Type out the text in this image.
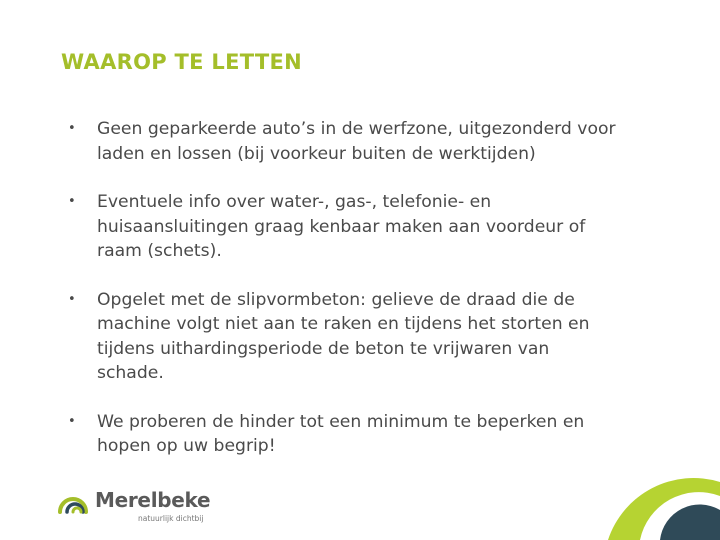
WAAROP TE LETTEN
• Geen geparkeerde auto’s in de werfzone, uitgezonderd voor
laden en lossen (bij voorkeur buiten de werktijden)
• Eventuele info over water-, gas-, telefonie- en
huisaansluitingen graag kenbaar maken aan voordeur of
raam (schets).
• Opgelet met de slipvormbeton: gelieve de draad die de
machine volgt niet aan te raken en tijdens het storten en
tijdens uithardingsperiode de beton te vrijwaren van
schade.
• We proberen de hinder tot een minimum te beperken en
hopen op uw begrip!
Merelbeke
natuurlijk dichtbij
